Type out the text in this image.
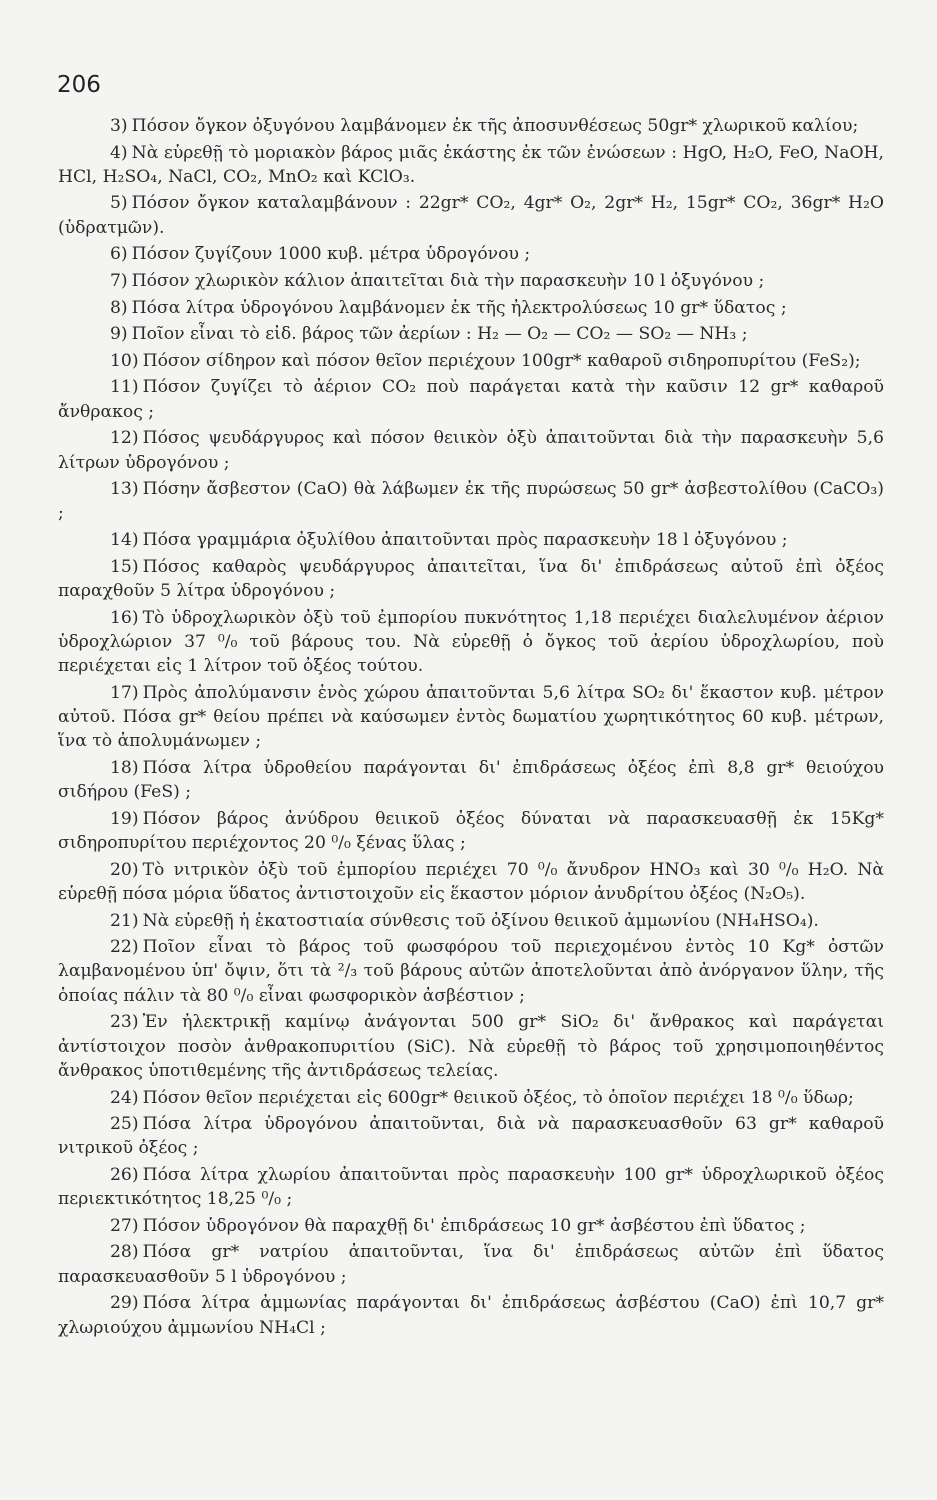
206

3) Πόσον ὄγκον ὀξυγόνου λαμβάνομεν ἐκ τῆς ἀποσυνθέσεως 50gr* χλωρικοῦ καλίου;

4) Νὰ εὑρεθῇ τὸ μοριακὸν βάρος μιᾶς ἑκάστης ἐκ τῶν ἑνώσεων : HgO, H₂O, FeO, NaOH, HCl, H₂SO₄, NaCl, CO₂, MnO₂ καὶ KClO₃.

5) Πόσον ὄγκον καταλαμβάνουν : 22gr* CO₂, 4gr* O₂, 2gr* H₂, 15gr* CO₂, 36gr* H₂O (ὑδρατμῶν).

6) Πόσον ζυγίζουν 1000 κυβ. μέτρα ὑδρογόνου ;

7) Πόσον χλωρικὸν κάλιον ἀπαιτεῖται διὰ τὴν παρασκευὴν 10 l ὀξυγόνου ;

8) Πόσα λίτρα ὑδρογόνου λαμβάνομεν ἐκ τῆς ἠλεκτρολύσεως 10 gr* ὕδατος ;

9) Ποῖον εἶναι τὸ εἰδ. βάρος τῶν ἀερίων : H₂ — O₂ — CO₂ — SO₂ — NH₃ ;

10) Πόσον σίδηρον καὶ πόσον θεῖον περιέχουν 100gr* καθαροῦ σιδηροπυρίτου (FeS₂);

11) Πόσον ζυγίζει τὸ ἀέριον CO₂ ποὺ παράγεται κατὰ τὴν καῦσιν 12 gr* καθαροῦ ἄνθρακος ;

12) Πόσος ψευδάργυρος καὶ πόσον θειικὸν ὀξὺ ἀπαιτοῦνται διὰ τὴν παρασκευὴν 5,6 λίτρων ὑδρογόνου ;

13) Πόσην ἄσβεστον (CaO) θὰ λάβωμεν ἐκ τῆς πυρώσεως 50 gr* ἀσβεστολίθου (CaCO₃) ;

14) Πόσα γραμμάρια ὀξυλίθου ἀπαιτοῦνται πρὸς παρασκευὴν 18 l ὀξυγόνου ;

15) Πόσος καθαρὸς ψευδάργυρος ἀπαιτεῖται, ἵνα δι' ἐπιδράσεως αὐτοῦ ἐπὶ ὀξέος παραχθοῦν 5 λίτρα ὑδρογόνου ;

16) Τὸ ὑδροχλωρικὸν ὀξὺ τοῦ ἐμπορίου πυκνότητος 1,18 περιέχει διαλελυμένον ἀέριον ὑδροχλώριον 37 ⁰/₀ τοῦ βάρους του. Νὰ εὑρεθῇ ὁ ὄγκος τοῦ ἀερίου ὑδροχλωρίου, ποὺ περιέχεται εἰς 1 λίτρον τοῦ ὀξέος τούτου.

17) Πρὸς ἀπολύμανσιν ἑνὸς χώρου ἀπαιτοῦνται 5,6 λίτρα SO₂ δι' ἕκαστον κυβ. μέτρον αὐτοῦ. Πόσα gr* θείου πρέπει νὰ καύσωμεν ἐντὸς δωματίου χωρητικότητος 60 κυβ. μέτρων, ἵνα τὸ ἀπολυμάνωμεν ;

18) Πόσα λίτρα ὑδροθείου παράγονται δι' ἐπιδράσεως ὀξέος ἐπὶ 8,8 gr* θειούχου σιδήρου (FeS) ;

19) Πόσον βάρος ἀνύδρου θειικοῦ ὀξέος δύναται νὰ παρασκευασθῇ ἐκ 15Kg* σιδηροπυρίτου περιέχοντος 20 ⁰/₀ ξένας ὕλας ;

20) Τὸ νιτρικὸν ὀξὺ τοῦ ἐμπορίου περιέχει 70 ⁰/₀ ἄνυδρον HNO₃ καὶ 30 ⁰/₀ H₂O. Νὰ εὑρεθῇ πόσα μόρια ὕδατος ἀντιστοιχοῦν εἰς ἕκαστον μόριον ἀνυδρίτου ὀξέος (N₂O₅).

21) Νὰ εὑρεθῇ ἡ ἑκατοστιαία σύνθεσις τοῦ ὀξίνου θειικοῦ ἀμμωνίου (NH₄HSO₄).

22) Ποῖον εἶναι τὸ βάρος τοῦ φωσφόρου τοῦ περιεχομένου ἐντὸς 10 Kg* ὀστῶν λαμβανομένου ὑπ' ὄψιν, ὅτι τὰ ²/₃ τοῦ βάρους αὐτῶν ἀποτελοῦνται ἀπὸ ἀνόργανον ὕλην, τῆς ὁποίας πάλιν τὰ 80 ⁰/₀ εἶναι φωσφορικὸν ἀσβέστιον ;

23) Ἐν ἠλεκτρικῇ καμίνῳ ἀνάγονται 500 gr* SiO₂ δι' ἄνθρακος καὶ παράγεται ἀντίστοιχον ποσὸν ἀνθρακοπυριτίου (SiC). Νὰ εὑρεθῇ τὸ βάρος τοῦ χρησιμοποιηθέντος ἄνθρακος ὑποτιθεμένης τῆς ἀντιδράσεως τελείας.

24) Πόσον θεῖον περιέχεται εἰς 600gr* θειικοῦ ὀξέος, τὸ ὁποῖον περιέχει 18 ⁰/₀ ὕδωρ;

25) Πόσα λίτρα ὑδρογόνου ἀπαιτοῦνται, διὰ νὰ παρασκευασθοῦν 63 gr* καθαροῦ νιτρικοῦ ὀξέος ;

26) Πόσα λίτρα χλωρίου ἀπαιτοῦνται πρὸς παρασκευὴν 100 gr* ὑδροχλωρικοῦ ὀξέος περιεκτικότητος 18,25 ⁰/₀ ;

27) Πόσον ὑδρογόνον θὰ παραχθῇ δι' ἐπιδράσεως 10 gr* ἀσβέστου ἐπὶ ὕδατος ;

28) Πόσα gr* νατρίου ἀπαιτοῦνται, ἵνα δι' ἐπιδράσεως αὐτῶν ἐπὶ ὕδατος παρασκευασθοῦν 5 l ὑδρογόνου ;

29) Πόσα λίτρα ἀμμωνίας παράγονται δι' ἐπιδράσεως ἀσβέστου (CaO) ἐπὶ 10,7 gr* χλωριούχου ἀμμωνίου NH₄Cl ;
